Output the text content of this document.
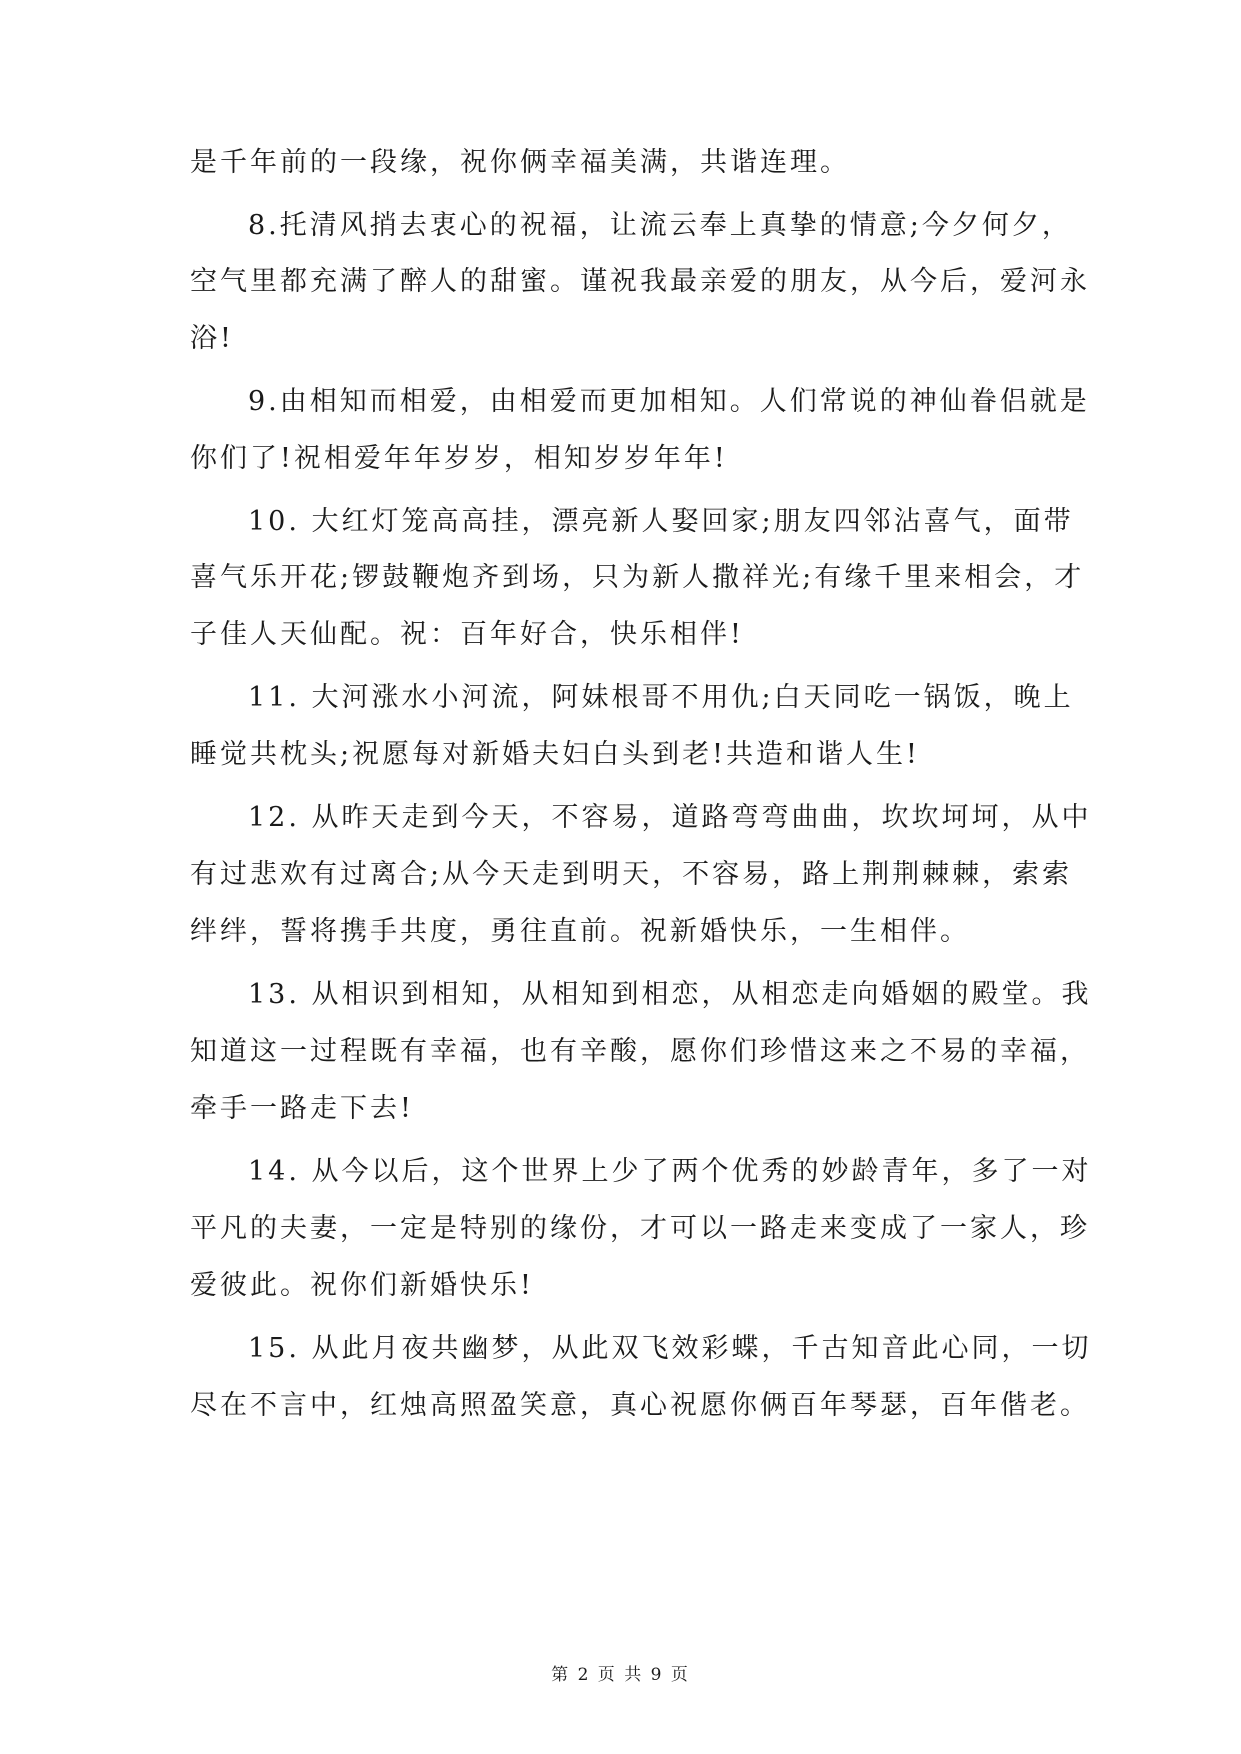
是千年前的一段缘，祝你俩幸福美满，共谐连理。
8.托清风捎去衷心的祝福，让流云奉上真挚的情意;今夕何夕，
空气里都充满了醉人的甜蜜。谨祝我最亲爱的朋友，从今后，爱河永
浴!
9.由相知而相爱，由相爱而更加相知。人们常说的神仙眷侣就是
你们了!祝相爱年年岁岁，相知岁岁年年!
10. 大红灯笼高高挂，漂亮新人娶回家;朋友四邻沾喜气，面带
喜气乐开花;锣鼓鞭炮齐到场，只为新人撒祥光;有缘千里来相会，才
子佳人天仙配。祝：百年好合，快乐相伴!
11. 大河涨水小河流，阿妹根哥不用仇;白天同吃一锅饭，晚上
睡觉共枕头;祝愿每对新婚夫妇白头到老!共造和谐人生!
12. 从昨天走到今天，不容易，道路弯弯曲曲，坎坎坷坷，从中
有过悲欢有过离合;从今天走到明天，不容易，路上荆荆棘棘，索索
绊绊，誓将携手共度，勇往直前。祝新婚快乐，一生相伴。
13. 从相识到相知，从相知到相恋，从相恋走向婚姻的殿堂。我
知道这一过程既有幸福，也有辛酸，愿你们珍惜这来之不易的幸福，
牵手一路走下去!
14. 从今以后，这个世界上少了两个优秀的妙龄青年，多了一对
平凡的夫妻，一定是特别的缘份，才可以一路走来变成了一家人，珍
爱彼此。祝你们新婚快乐!
15. 从此月夜共幽梦，从此双飞效彩蝶，千古知音此心同，一切
尽在不言中，红烛高照盈笑意，真心祝愿你俩百年琴瑟，百年偕老。
第 2 页 共 9 页
